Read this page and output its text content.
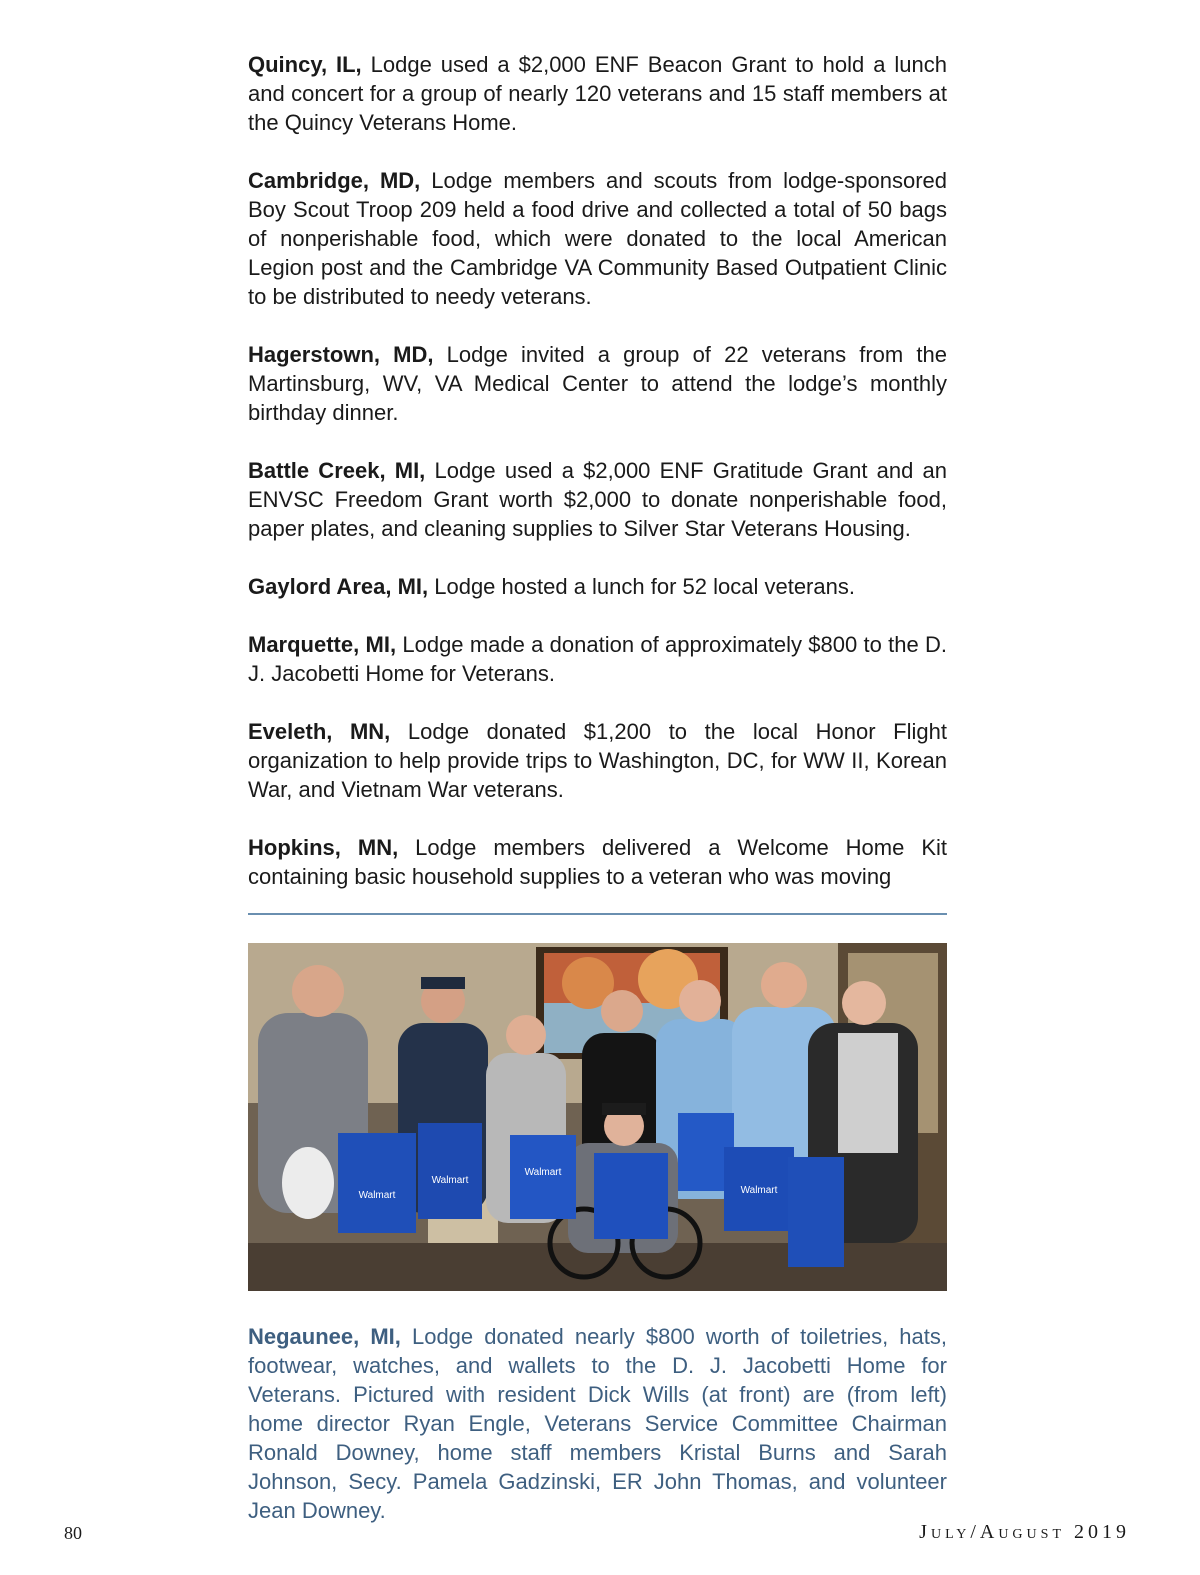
Quincy, IL, Lodge used a $2,000 ENF Beacon Grant to hold a lunch and concert for a group of nearly 120 veterans and 15 staff members at the Quincy Veterans Home.

Cambridge, MD, Lodge members and scouts from lodge-sponsored Boy Scout Troop 209 held a food drive and collected a total of 50 bags of nonperishable food, which were donated to the local American Legion post and the Cambridge VA Community Based Outpatient Clinic to be distributed to needy veterans.

Hagerstown, MD, Lodge invited a group of 22 veterans from the Martinsburg, WV, VA Medical Center to attend the lodge’s monthly birthday dinner.

Battle Creek, MI, Lodge used a $2,000 ENF Gratitude Grant and an ENVSC Freedom Grant worth $2,000 to donate nonperishable food, paper plates, and cleaning supplies to Silver Star Veterans Housing.

Gaylord Area, MI, Lodge hosted a lunch for 52 local veterans.

Marquette, MI, Lodge made a donation of approximately $800 to the D. J. Jacobetti Home for Veterans.

Eveleth, MN, Lodge donated $1,200 to the local Honor Flight organization to help provide trips to Washington, DC, for WW II, Korean War, and Vietnam War veterans.

Hopkins, MN, Lodge members delivered a Welcome Home Kit containing basic household supplies to a veteran who was moving

Walmart
Walmart
Walmart
Walmart

Negaunee, MI, Lodge donated nearly $800 worth of toiletries, hats, footwear, watches, and wallets to the D. J. Jacobetti Home for Veterans. Pictured with resident Dick Wills (at front) are (from left) home director Ryan Engle, Veterans Service Committee Chairman Ronald Downey, home staff members Kristal Burns and Sarah Johnson, Secy. Pamela Gadzinski, ER John Thomas, and volunteer Jean Downey.

80	July/August 2019
